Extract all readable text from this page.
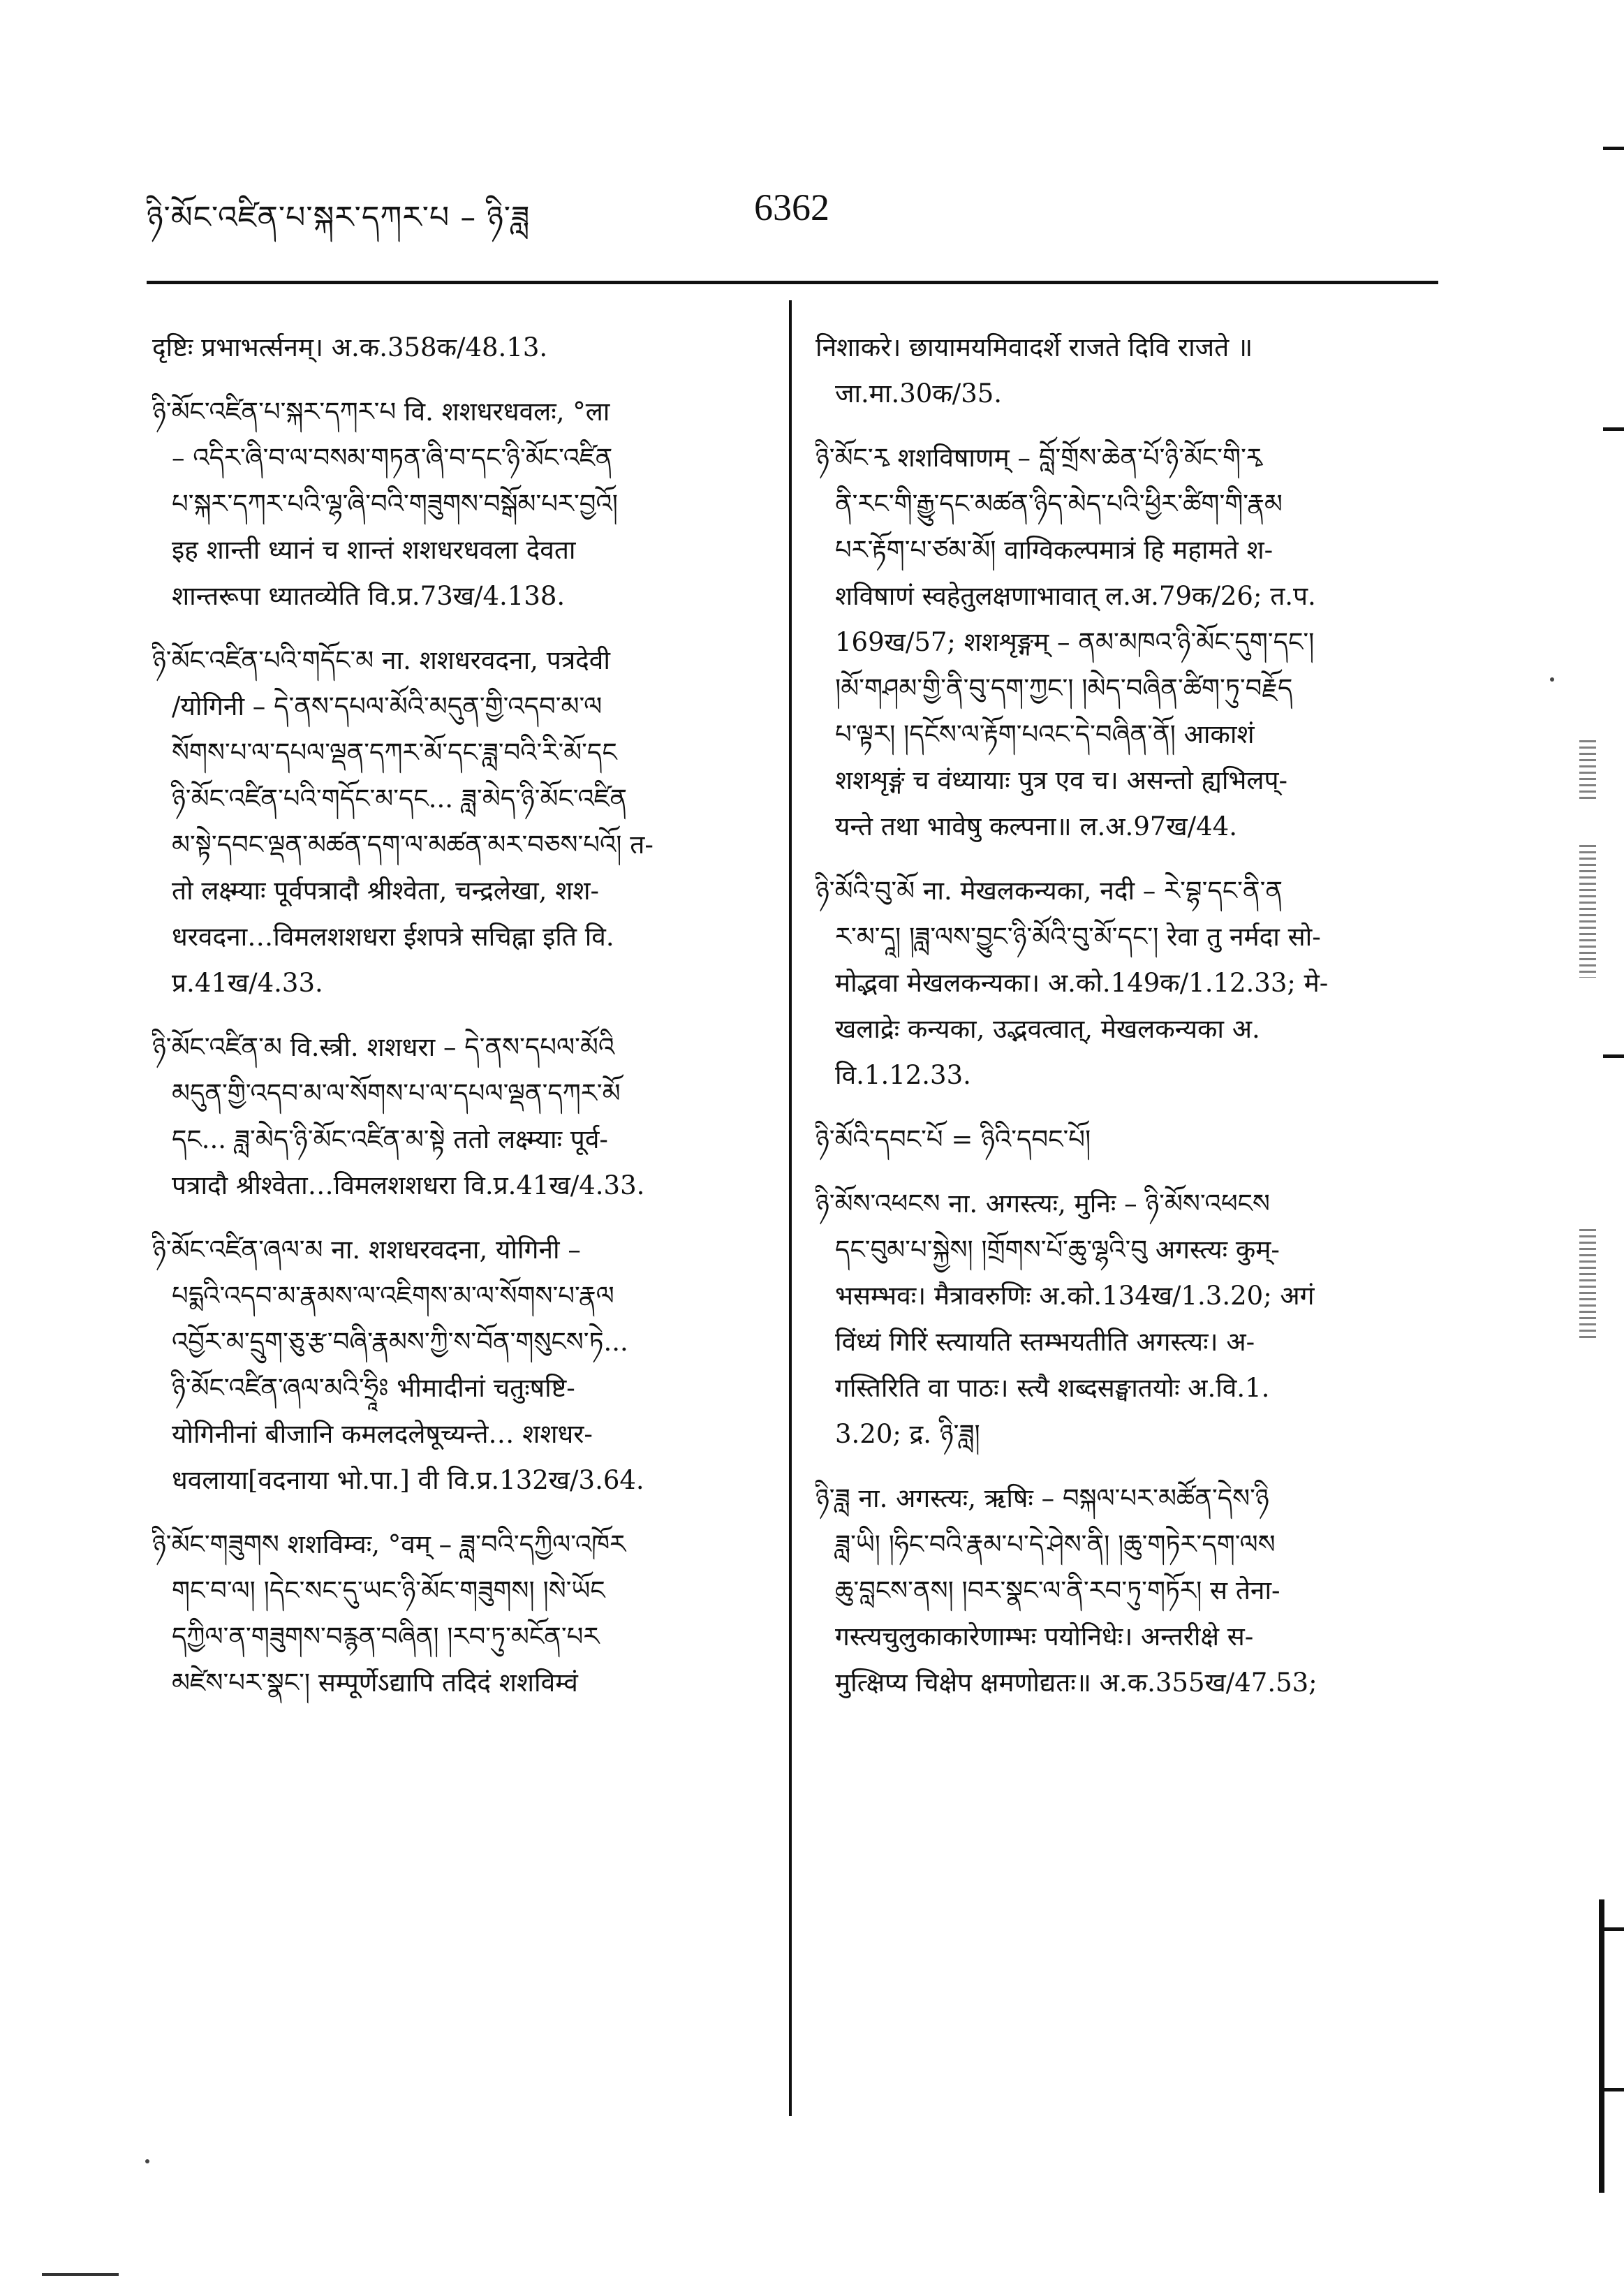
ཉི་མོང་འཛིན་པ་སྐར་དཀར་པ – ཉི་ཟླ	6362
दृष्टिः प्रभाभर्त्सनम्। अ.क.358क/48.13.
ཉི་མོང་འཛིན་པ་སྐར་དཀར་པ वि. शशधरधवलः, °ला
– འདིར་ཞི་བ་ལ་བསམ་གཏན་ཞི་བ་དང་ཉི་མོང་འཛིན
པ་སྐར་དཀར་པའི་ལྷ་ཞི་བའི་གཟུགས་བསྒོམ་པར་བྱའོ།
इह शान्ती ध्यानं च शान्तं शशधरधवला देवता
शान्तरूपा ध्यातव्येति वि.प्र.73ख/4.138.
ཉི་མོང་འཛིན་པའི་གདོང་མ ना. शशधरवदना, पत्रदेवी
/योगिनी – དེ་ནས་དཔལ་མོའི་མདུན་གྱི་འདབ་མ་ལ
སོགས་པ་ལ་དཔལ་ལྡན་དཀར་མོ་དང་ཟླ་བའི་རི་མོ་དང
ཉི་མོང་འཛིན་པའི་གདོང་མ་དང... ཟླ་མེད་ཉི་མོང་འཛིན
མ་སྟེ་དབང་ལྡན་མཚན་དག་ལ་མཚན་མར་བཅས་པའོ། त-
तो लक्ष्म्याः पूर्वपत्रादौ श्रीश्वेता, चन्द्रलेखा, शश-
धरवदना…विमलशशधरा ईशपत्रे सचिह्ना इति वि.
प्र.41ख/4.33.
ཉི་མོང་འཛིན་མ वि.स्त्री. शशधरा – དེ་ནས་དཔལ་མོའི
མདུན་གྱི་འདབ་མ་ལ་སོགས་པ་ལ་དཔལ་ལྡན་དཀར་མོ
དང... ཟླ་མེད་ཉི་མོང་འཛིན་མ་སྟེ ततो लक्ष्म्याः पूर्व-
पत्रादौ श्रीश्वेता…विमलशशधरा वि.प्र.41ख/4.33.
ཉི་མོང་འཛིན་ཞལ་མ ना. शशधरवदना, योगिनी –
པདྨའི་འདབ་མ་རྣམས་ལ་འཇིགས་མ་ལ་སོགས་པ་རྣལ
འབྱོར་མ་དྲུག་ཅུ་རྩ་བཞི་རྣམས་ཀྱི་ས་བོན་གསུངས་ཏེ...
ཉི་མོང་འཛིན་ཞལ་མའི་ཧྲཱིཿ भीमादीनां चतुःषष्टि-
योगिनीनां बीजानि कमलदलेषूच्यन्ते… शशधर-
धवलाया[वदनाया भो.पा.] वी वि.प्र.132ख/3.64.
ཉི་མོང་གཟུགས शशविम्वः, °वम् – ཟླ་བའི་དཀྱིལ་འཁོར
གང་བ་ལ། །དེང་སང་དུ་ཡང་ཉི་མོང་གཟུགས། །སེ་ཡོང
དཀྱིལ་ན་གཟུགས་བརྙན་བཞིན། །རབ་ཏུ་མངོན་པར
མཛེས་པར་སྣང༌། सम्पूर्णेऽद्यापि तदिदं शशविम्वं
निशाकरे। छायामयमिवादर्शे राजते दिवि राजते ॥
जा.मा.30क/35.
ཉི་མོང་རྭ शशविषाणम् – བློ་གྲོས་ཆེན་པོ་ཉི་མོང་གི་རྭ
ནི་རང་གི་རྒྱུ་དང་མཚན་ཉིད་མེད་པའི་ཕྱིར་ཚིག་གི་རྣམ
པར་རྟོག་པ་ཙམ་མོ། वाग्विकल्पमात्रं हि महामते श-
शविषाणं स्वहेतुलक्षणाभावात् ल.अ.79क/26; त.प.
169ख/57; शशशृङ्गम् – ནམ་མཁའ་ཉི་མོང་དུག་དང་།
།མོ་གཤམ་གྱི་ནི་བུ་དག་ཀྱང༌། །མེད་བཞིན་ཚིག་ཏུ་བརྗོད
པ་ལྟར། །དངོས་ལ་རྟོག་པའང་དེ་བཞིན་ནོ། आकाशं
शशशृङ्गं च वंध्यायाः पुत्र एव च। असन्तो ह्यभिलप्-
यन्ते तथा भावेषु कल्पना॥ ल.अ.97ख/44.
ཉི་མོའི་བུ་མོ ना. मेखलकन्यका, नदी – རེ་བྷ་དང་ནི་ན
ར་མ་དཱ། །ཟླ་ལས་བྱུང་ཉི་མོའི་བུ་མོ་དང༌། रेवा तु नर्मदा सो-
मोद्भवा मेखलकन्यका। अ.को.149क/1.12.33; मे-
खलाद्रेः कन्यका, उद्भवत्वात्, मेखलकन्यका अ.
वि.1.12.33.
ཉི་མོའི་དབང་པོ = ཉིའི་དབང་པོ།
ཉི་མོས་འཕངས ना. अगस्त्यः, मुनिः – ཉི་མོས་འཕངས
དང་བུམ་པ་སྐྱེས། །གྲོགས་པོ་ཆུ་ལྷའི་བུ अगस्त्यः कुम्-
भसम्भवः। मैत्रावरुणिः अ.को.134ख/1.3.20; अगं
विंध्यं गिरिं स्त्यायति स्तम्भयतीति अगस्त्यः। अ-
गस्तिरिति वा पाठः। स्त्यै शब्दसङ्घातयोः अ.वि.1.
3.20; द्र. ཉི་ཟླ།
ཉི་ཟླ ना. अगस्त्यः, ऋषिः – བསྐལ་པར་མཚོན་དེས་ཉི
ཟླ་ཡི། །ཧིང་བའི་རྣམ་པ་དེ་ཤེས་ནི། །ཆུ་གཏེར་དག་ལས
ཆུ་བླངས་ནས། །བར་སྣང་ལ་ནི་རབ་ཏུ་གཏོར། स तेना-
गस्त्यचुलुकाकारेणाम्भः पयोनिधेः। अन्तरीक्षे स-
मुत्क्षिप्य चिक्षेप क्षमणोद्यतः॥ अ.क.355ख/47.53;
